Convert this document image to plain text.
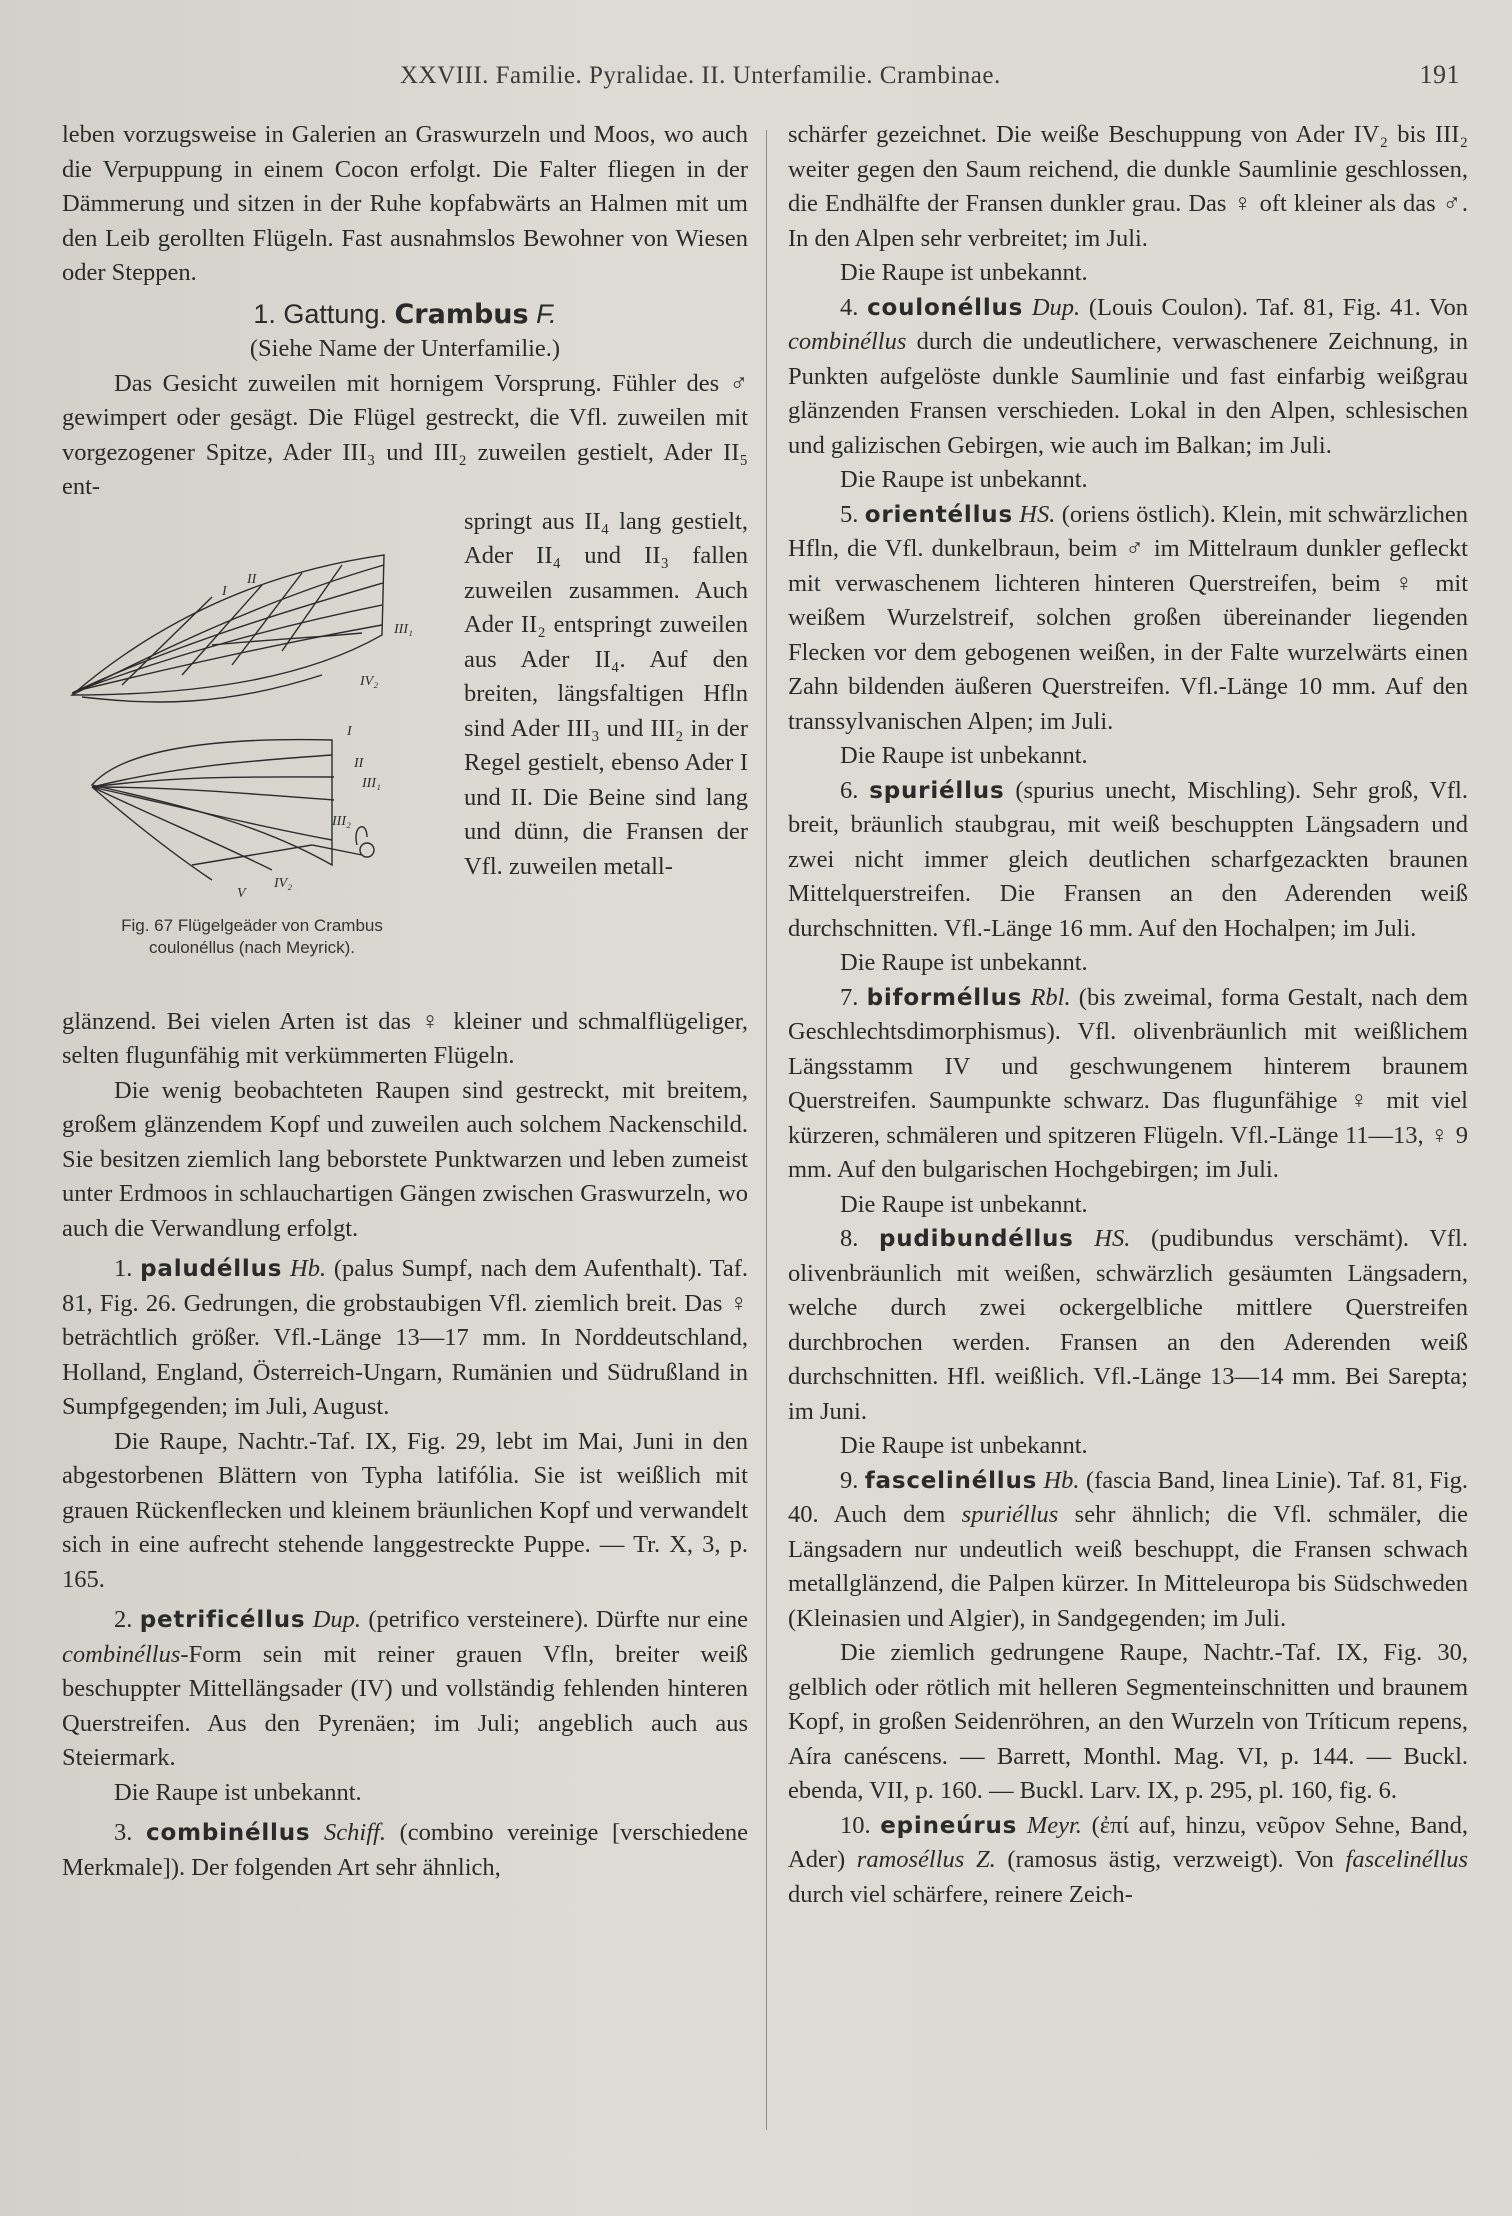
XXVIII. Familie. Pyralidae. II. Unterfamilie. Crambinae.	191

leben vorzugsweise in Galerien an Graswurzeln und Moos, wo auch die Verpuppung in einem Cocon erfolgt. Die Falter fliegen in der Dämmerung und sitzen in der Ruhe kopfabwärts an Halmen mit um den Leib gerollten Flügeln. Fast ausnahmslos Bewohner von Wiesen oder Steppen.

1. Gattung. Crambus F.

(Siehe Name der Unterfamilie.)

Das Gesicht zuweilen mit hornigem Vorsprung. Fühler des ♂ gewimpert oder gesägt. Die Flügel gestreckt, die Vfl. zuweilen mit vorgezogener Spitze, Ader III₃ und III₂ zuweilen gestielt, Ader II₅ ent-

I
II
III₁
IV₂
I
II
III₁
III₂
IV₂
V
Fig. 67 Flügelgeäder von Crambus
coulonéllus (nach Meyrick).

springt aus II₄ lang gestielt, Ader II₄ und II₃ fallen zuweilen zusammen. Auch Ader II₂ entspringt zuweilen aus Ader II₄. Auf den breiten, längsfaltigen Hfln sind Ader III₃ und III₂ in der Regel gestielt, ebenso Ader I und II. Die Beine sind lang und dünn, die Fransen der Vfl. zuweilen metall-

glänzend. Bei vielen Arten ist das ♀ kleiner und schmalflügeliger, selten flugunfähig mit verkümmerten Flügeln.

Die wenig beobachteten Raupen sind gestreckt, mit breitem, großem glänzendem Kopf und zuweilen auch solchem Nackenschild. Sie besitzen ziemlich lang beborstete Punktwarzen und leben zumeist unter Erdmoos in schlauchartigen Gängen zwischen Graswurzeln, wo auch die Verwandlung erfolgt.

1. paludéllus Hb. (palus Sumpf, nach dem Aufenthalt). Taf. 81, Fig. 26. Gedrungen, die grobstaubigen Vfl. ziemlich breit. Das ♀ beträchtlich größer. Vfl.-Länge 13—17 mm. In Norddeutschland, Holland, England, Österreich-Ungarn, Rumänien und Südrußland in Sumpfgegenden; im Juli, August.

Die Raupe, Nachtr.-Taf. IX, Fig. 29, lebt im Mai, Juni in den abgestorbenen Blättern von Typha latifólia. Sie ist weißlich mit grauen Rückenflecken und kleinem bräunlichen Kopf und verwandelt sich in eine aufrecht stehende langgestreckte Puppe. — Tr. X, 3, p. 165.

2. petrificéllus Dup. (petrifico versteinere). Dürfte nur eine combinéllus-Form sein mit reiner grauen Vfln, breiter weiß beschuppter Mittellängsader (IV) und vollständig fehlenden hinteren Querstreifen. Aus den Pyrenäen; im Juli; angeblich auch aus Steiermark.

Die Raupe ist unbekannt.

3. combinéllus Schiff. (combino vereinige [verschiedene Merkmale]). Der folgenden Art sehr ähnlich,

schärfer gezeichnet. Die weiße Beschuppung von Ader IV₂ bis III₂ weiter gegen den Saum reichend, die dunkle Saumlinie geschlossen, die Endhälfte der Fransen dunkler grau. Das ♀ oft kleiner als das ♂. In den Alpen sehr verbreitet; im Juli.

Die Raupe ist unbekannt.

4. coulonéllus Dup. (Louis Coulon). Taf. 81, Fig. 41. Von combinéllus durch die undeutlichere, verwaschenere Zeichnung, in Punkten aufgelöste dunkle Saumlinie und fast einfarbig weißgrau glänzenden Fransen verschieden. Lokal in den Alpen, schlesischen und galizischen Gebirgen, wie auch im Balkan; im Juli.

Die Raupe ist unbekannt.

5. orientéllus HS. (oriens östlich). Klein, mit schwärzlichen Hfln, die Vfl. dunkelbraun, beim ♂ im Mittelraum dunkler gefleckt mit verwaschenem lichteren hinteren Querstreifen, beim ♀ mit weißem Wurzelstreif, solchen großen übereinander liegenden Flecken vor dem gebogenen weißen, in der Falte wurzelwärts einen Zahn bildenden äußeren Querstreifen. Vfl.-Länge 10 mm. Auf den transsylvanischen Alpen; im Juli.

Die Raupe ist unbekannt.

6. spuriéllus (spurius unecht, Mischling). Sehr groß, Vfl. breit, bräunlich staubgrau, mit weiß beschuppten Längsadern und zwei nicht immer gleich deutlichen scharfgezackten braunen Mittelquerstreifen. Die Fransen an den Aderenden weiß durchschnitten. Vfl.-Länge 16 mm. Auf den Hochalpen; im Juli.

Die Raupe ist unbekannt.

7. biforméllus Rbl. (bis zweimal, forma Gestalt, nach dem Geschlechtsdimorphismus). Vfl. olivenbräunlich mit weißlichem Längsstamm IV und geschwungenem hinterem braunem Querstreifen. Saumpunkte schwarz. Das flugunfähige ♀ mit viel kürzeren, schmäleren und spitzeren Flügeln. Vfl.-Länge 11—13, ♀ 9 mm. Auf den bulgarischen Hochgebirgen; im Juli.

Die Raupe ist unbekannt.

8. pudibundéllus HS. (pudibundus verschämt). Vfl. olivenbräunlich mit weißen, schwärzlich gesäumten Längsadern, welche durch zwei ockergelbliche mittlere Querstreifen durchbrochen werden. Fransen an den Aderenden weiß durchschnitten. Hfl. weißlich. Vfl.-Länge 13—14 mm. Bei Sarepta; im Juni.

Die Raupe ist unbekannt.

9. fascelinéllus Hb. (fascia Band, linea Linie). Taf. 81, Fig. 40. Auch dem spuriéllus sehr ähnlich; die Vfl. schmäler, die Längsadern nur undeutlich weiß beschuppt, die Fransen schwach metallglänzend, die Palpen kürzer. In Mitteleuropa bis Südschweden (Kleinasien und Algier), in Sandgegenden; im Juli.

Die ziemlich gedrungene Raupe, Nachtr.-Taf. IX, Fig. 30, gelblich oder rötlich mit helleren Segmenteinschnitten und braunem Kopf, in großen Seidenröhren, an den Wurzeln von Tríticum repens, Aíra canéscens. — Barrett, Monthl. Mag. VI, p. 144. — Buckl. ebenda, VII, p. 160. — Buckl. Larv. IX, p. 295, pl. 160, fig. 6.

10. epineúrus Meyr. (ἐπί auf, hinzu, νεῦρον Sehne, Band, Ader) ramoséllus Z. (ramosus ästig, verzweigt). Von fascelinéllus durch viel schärfere, reinere Zeich-
